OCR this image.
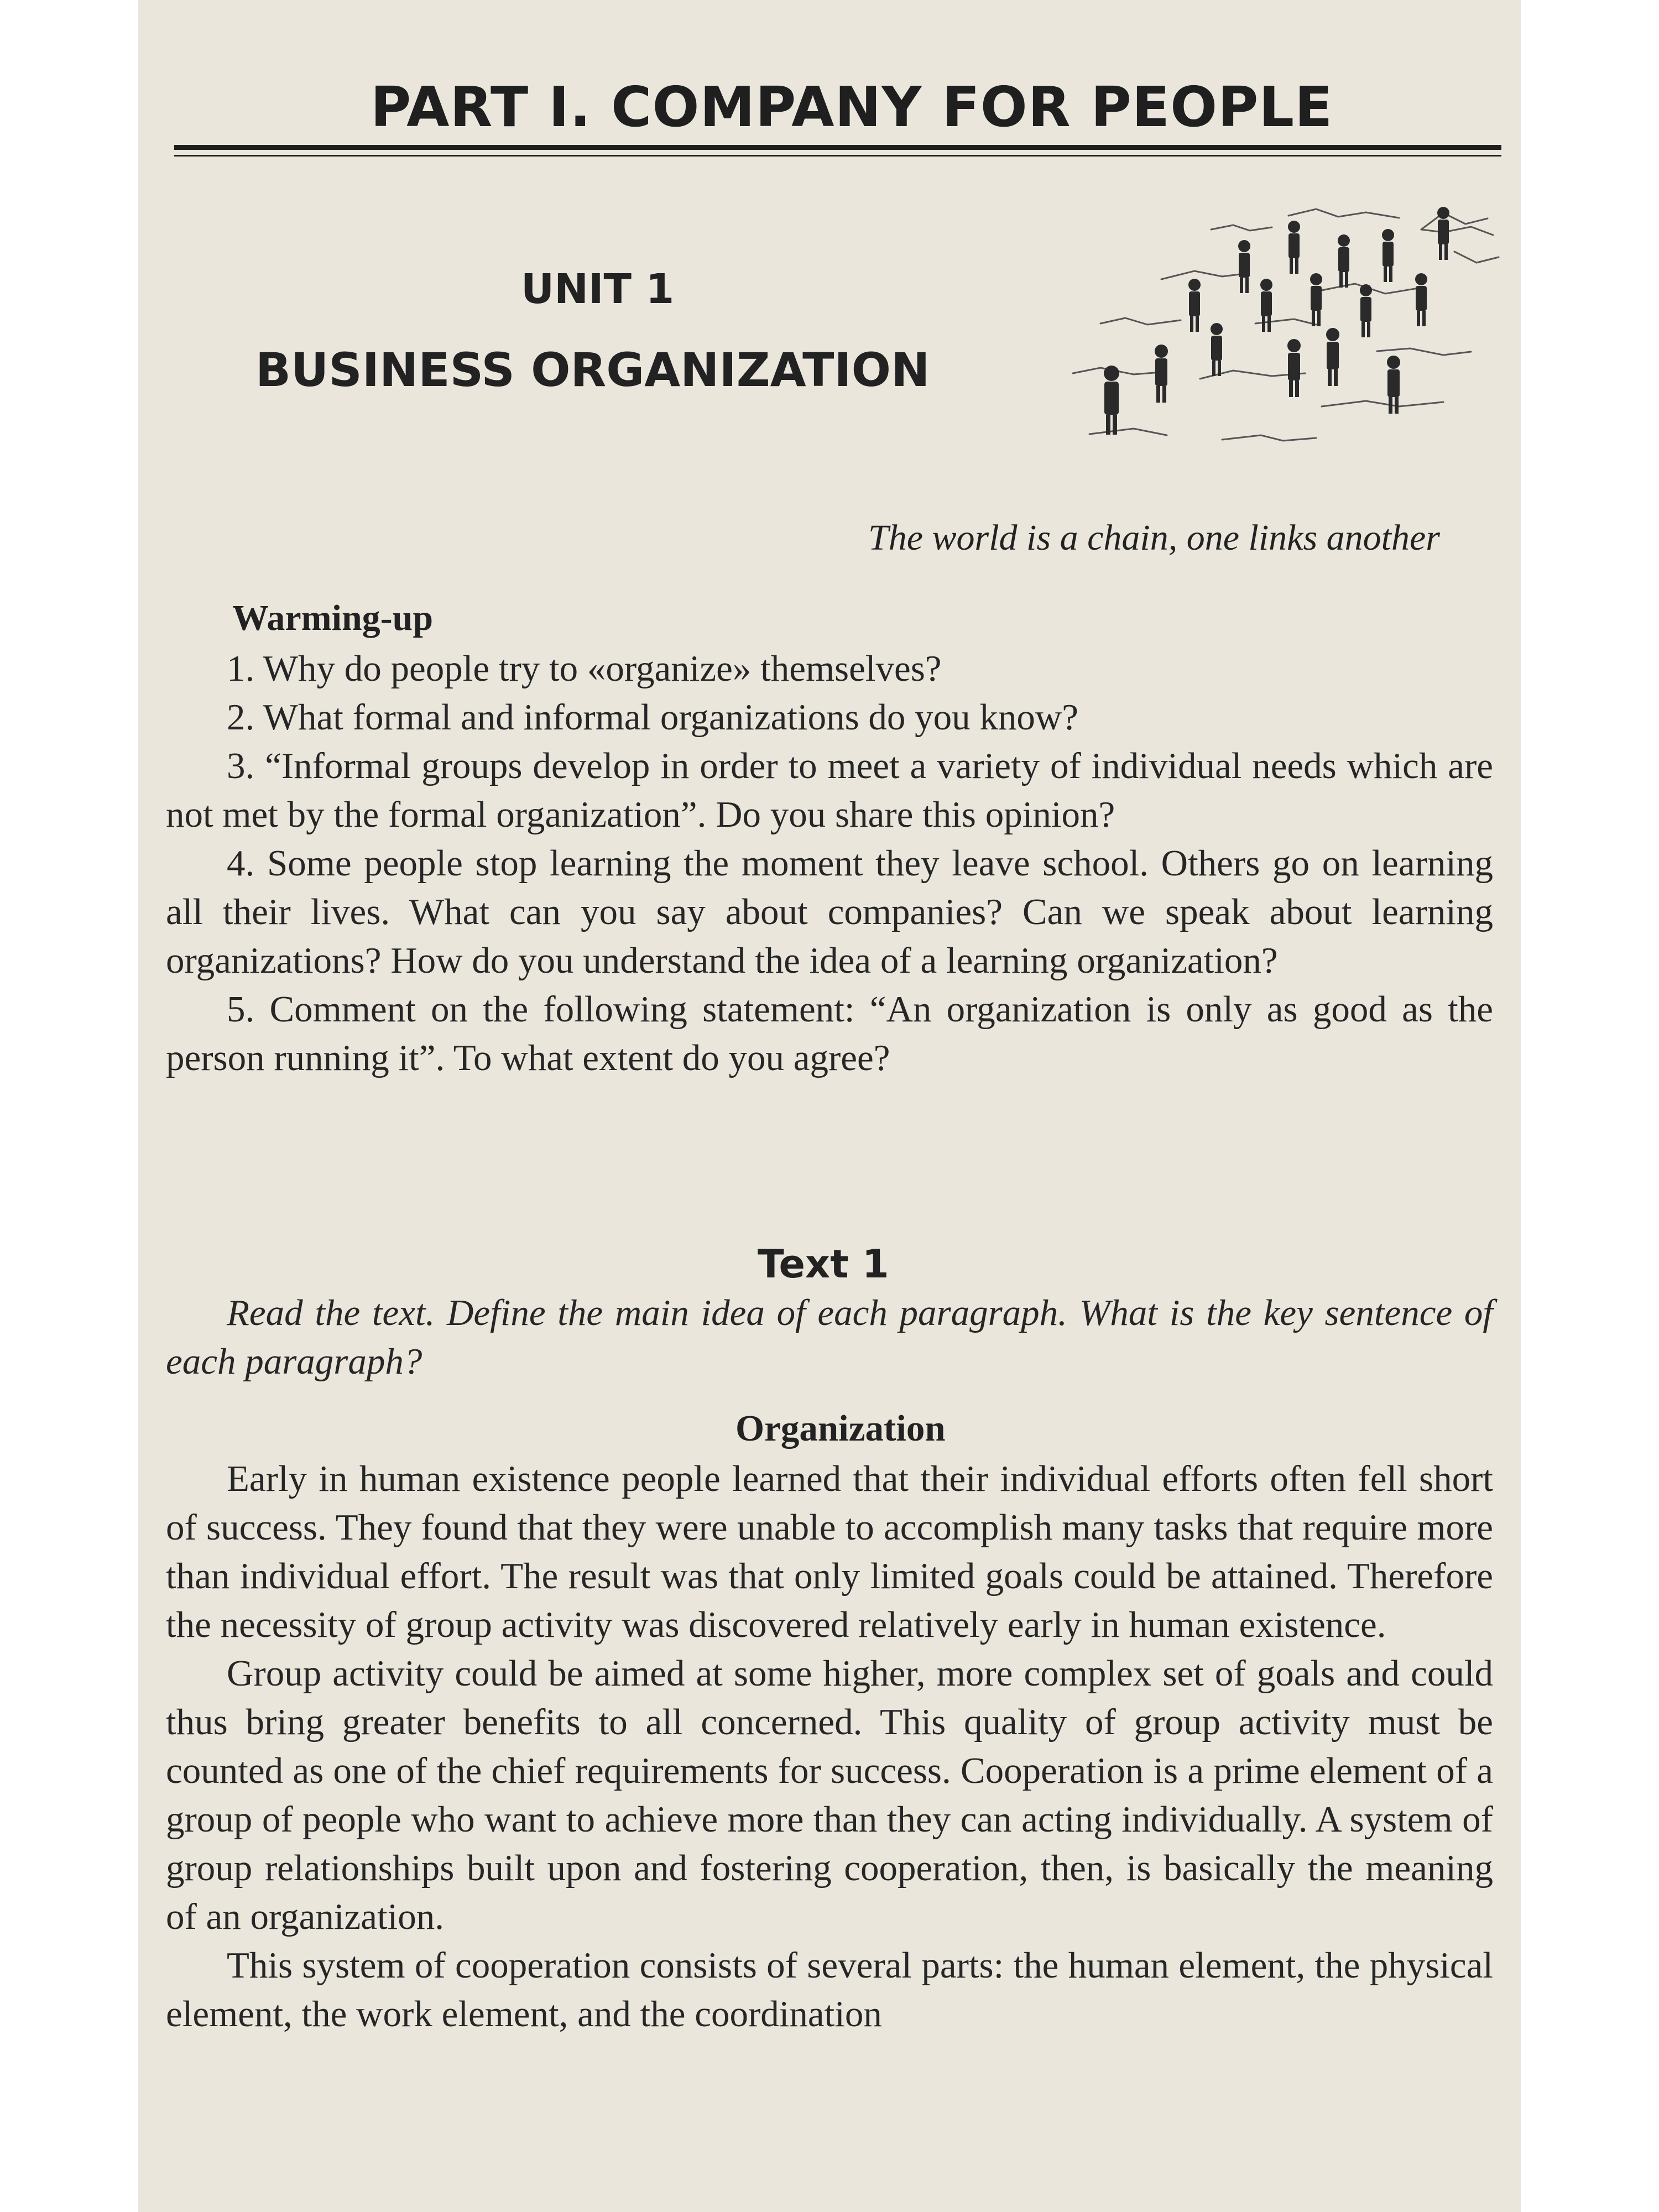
PART I. COMPANY FOR PEOPLE
UNIT 1
BUSINESS ORGANIZATION
The world is a chain, one links another
Warming-up

1. Why do people try to «organize» themselves?

2. What formal and informal organizations do you know?

3. “Informal groups develop in order to meet a variety of individual needs which are not met by the formal organization”. Do you share this opinion?

4. Some people stop learning the moment they leave school. Others go on learning all their lives. What can you say about companies? Can we speak about learning organizations? How do you understand the idea of a learning organization?

5. Comment on the following statement: “An organization is only as good as the person running it”. To what extent do you agree?

Text 1

Read the text. Define the main idea of each paragraph. What is the key sentence of each paragraph?

Organization

Early in human existence people learned that their individual efforts often fell short of success. They found that they were unable to accomplish many tasks that require more than individual effort. The result was that only limited goals could be attained. Therefore the necessity of group activity was discovered relatively early in human existence.

Group activity could be aimed at some higher, more complex set of goals and could thus bring greater benefits to all concerned. This quality of group activity must be counted as one of the chief requirements for success. Cooperation is a prime element of a group of people who want to achieve more than they can acting individually. A system of group relationships built upon and fostering cooperation, then, is basically the meaning of an organization.

This system of cooperation consists of several parts: the human element, the physical element, the work element, and the coordination
